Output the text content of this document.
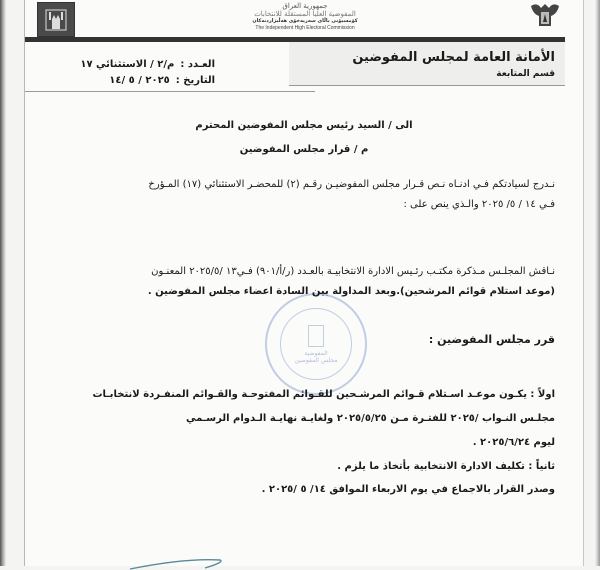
جمهورية العراق
المفوضية العليا المستقلة للانتخابات
كۆمسیۆنی باڵای سەربەخۆی هەڵبژاردنەکان
The Independent High Electoral Commission
الأمانة العامة لمجلس المفوضين
قسم المتابعة
العـدد :
م/٢ / الاستثنائي ١٧
التاريخ :
٢٠٢٥ / ٥ /١٤
الى / السيد رئيس مجلس المفوضين المحترم
م / قرار مجلس المفوضين
نـدرج لسيادتكم فـي ادنـاه نـص قـرار مجلس المفوضيـن رقـم (٢) للمحضـر الاستثنائي (١٧) المـؤرخ
فـي ١٤ / ٥/ ٢٠٢٥ والـذي ينص على :
المفوضية
مجلس المفوضين
نـاقش المجلـس مـذكرة مكتـب رئـيس الادارة الانتخابيـة بالعـدد (ر/أ/٩٠١) فـي١٣ /٢٠٢٥/٥ المعنـون
(موعد استلام قوائم المرشحين).وبعد المداولة بين السادة اعضاء مجلس المفوضين .
قرر مجلس المفوضين :
اولاً : يكـون موعـد اسـتلام قـوائم المرشـحين للقـوائم المفتوحـة والقـوائم المنفـردة لانتخابـات
مجلـس النـواب /٢٠٢٥ للفتـرة مـن ٢٠٢٥/٥/٢٥ ولغايـة نهايـة الـدوام الرسـمي
ليوم ٢٠٢٥/٦/٢٤ .
ثانياً : تكليف الادارة الانتخابية بأتخاذ ما يلزم .
وصدر القرار بالاجماع في يوم الاربعاء الموافق ١٤/ ٥ /٢٠٢٥ .
